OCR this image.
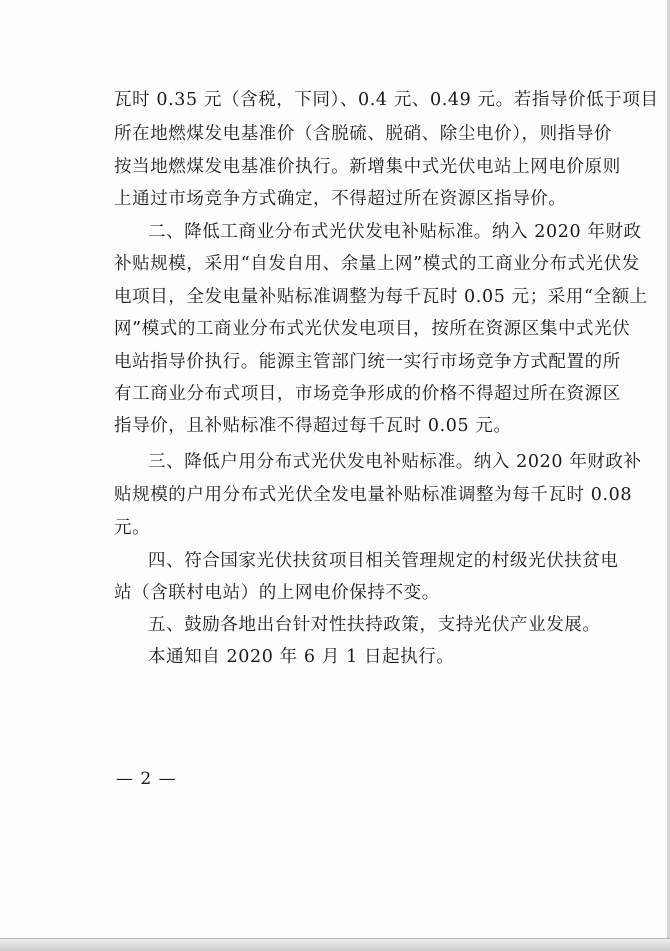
瓦时 0.35 元（含税，下同）、0.4 元、0.49 元。若指导价低于项目
所在地燃煤发电基准价（含脱硫、脱硝、除尘电价），则指导价
按当地燃煤发电基准价执行。新增集中式光伏电站上网电价原则
上通过市场竞争方式确定，不得超过所在资源区指导价。
二、降低工商业分布式光伏发电补贴标准。纳入 2020 年财政
补贴规模，采用“自发自用、余量上网”模式的工商业分布式光伏发
电项目，全发电量补贴标准调整为每千瓦时 0.05 元；采用“全额上
网”模式的工商业分布式光伏发电项目，按所在资源区集中式光伏
电站指导价执行。能源主管部门统一实行市场竞争方式配置的所
有工商业分布式项目，市场竞争形成的价格不得超过所在资源区
指导价，且补贴标准不得超过每千瓦时 0.05 元。
三、降低户用分布式光伏发电补贴标准。纳入 2020 年财政补
贴规模的户用分布式光伏全发电量补贴标准调整为每千瓦时 0.08
元。
四、符合国家光伏扶贫项目相关管理规定的村级光伏扶贫电
站（含联村电站）的上网电价保持不变。
五、鼓励各地出台针对性扶持政策，支持光伏产业发展。
本通知自 2020 年 6 月 1 日起执行。
— 2 —
